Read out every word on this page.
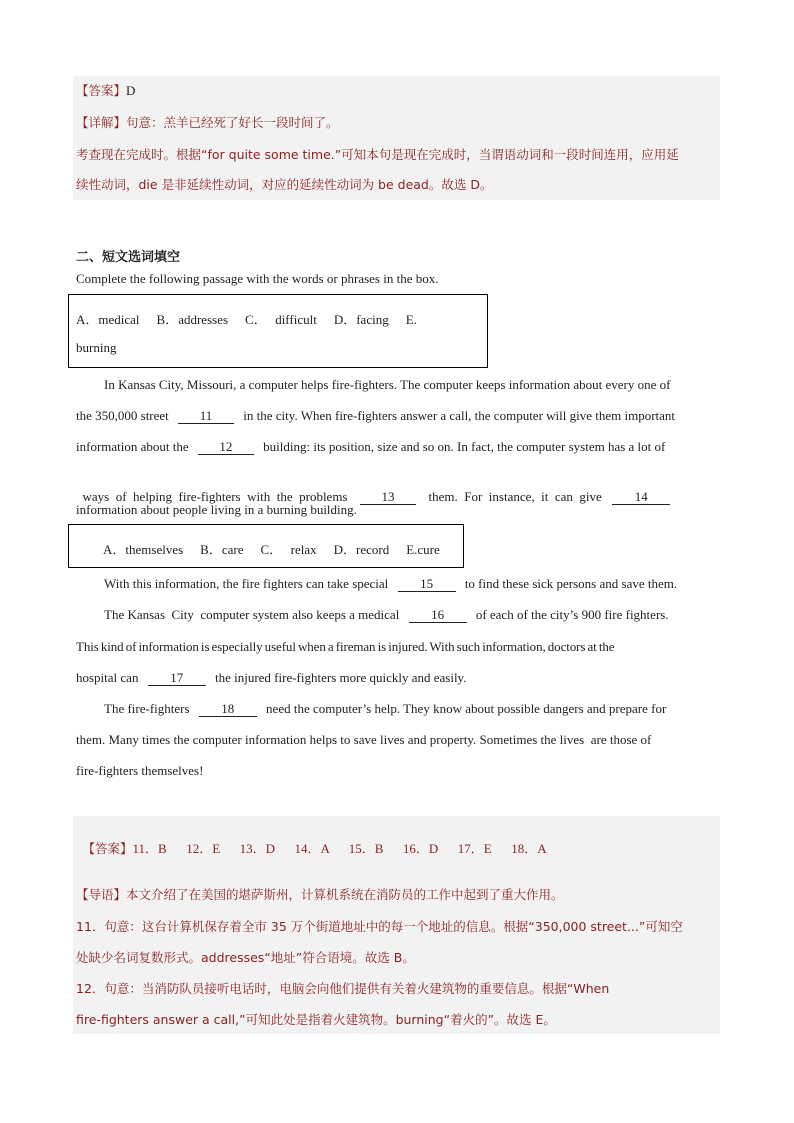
【答案】D
【详解】句意：羔羊已经死了好长一段时间了。
考查现在完成时。根据“for quite some time.”可知本句是现在完成时，当谓语动词和一段时间连用，应用延
续性动词，die 是非延续性动词，对应的延续性动词为 be dead。故选 D。
二、短文选词填空
Complete the following passage with the words or phrases in the box.
A．medical    B．addresses    C．  difficult    D．facing    E.
burning
In Kansas City, Missouri, a computer helps fire-fighters. The computer keeps information about every one of
the 350,000 street 11 in the city. When fire-fighters answer a call, the computer will give them important
information about the 12 building: its position, size and so on. In fact, the computer system has a lot of

ways  of  helping  fire-fighters  with  the  problems	13	them.  For  instance,  it  can  give	14

information about people living in a burning building.
A．themselves    B．care    C．  relax    D．record    E.cure
With this information, the fire fighters can take special 15 to find these sick persons and save them.
The Kansas  City  computer system also keeps a medical 16 of each of the city’s 900 fire fighters.
This kind of information is especially useful when a fireman is injured. With such information, doctors at the
hospital can 17 the injured fire-fighters more quickly and easily.
The fire-fighters 18 need the computer’s help. They know about possible dangers and prepare for
them. Many times the computer information helps to save lives and property. Sometimes the lives  are those of
fire-fighters themselves!

【答案】11．B      12．E      13．D      14．A      15．B      16．D      17．E      18．A

【导语】本文介绍了在美国的堪萨斯州，计算机系统在消防员的工作中起到了重大作用。
11．句意：这台计算机保存着全市 35 万个街道地址中的每一个地址的信息。根据“350,000 street...”可知空
处缺少名词复数形式。addresses“地址”符合语境。故选 B。
12．句意：当消防队员接听电话时，电脑会向他们提供有关着火建筑物的重要信息。根据“When
fire-fighters answer a call,”可知此处是指着火建筑物。burning“着火的”。故选 E。
